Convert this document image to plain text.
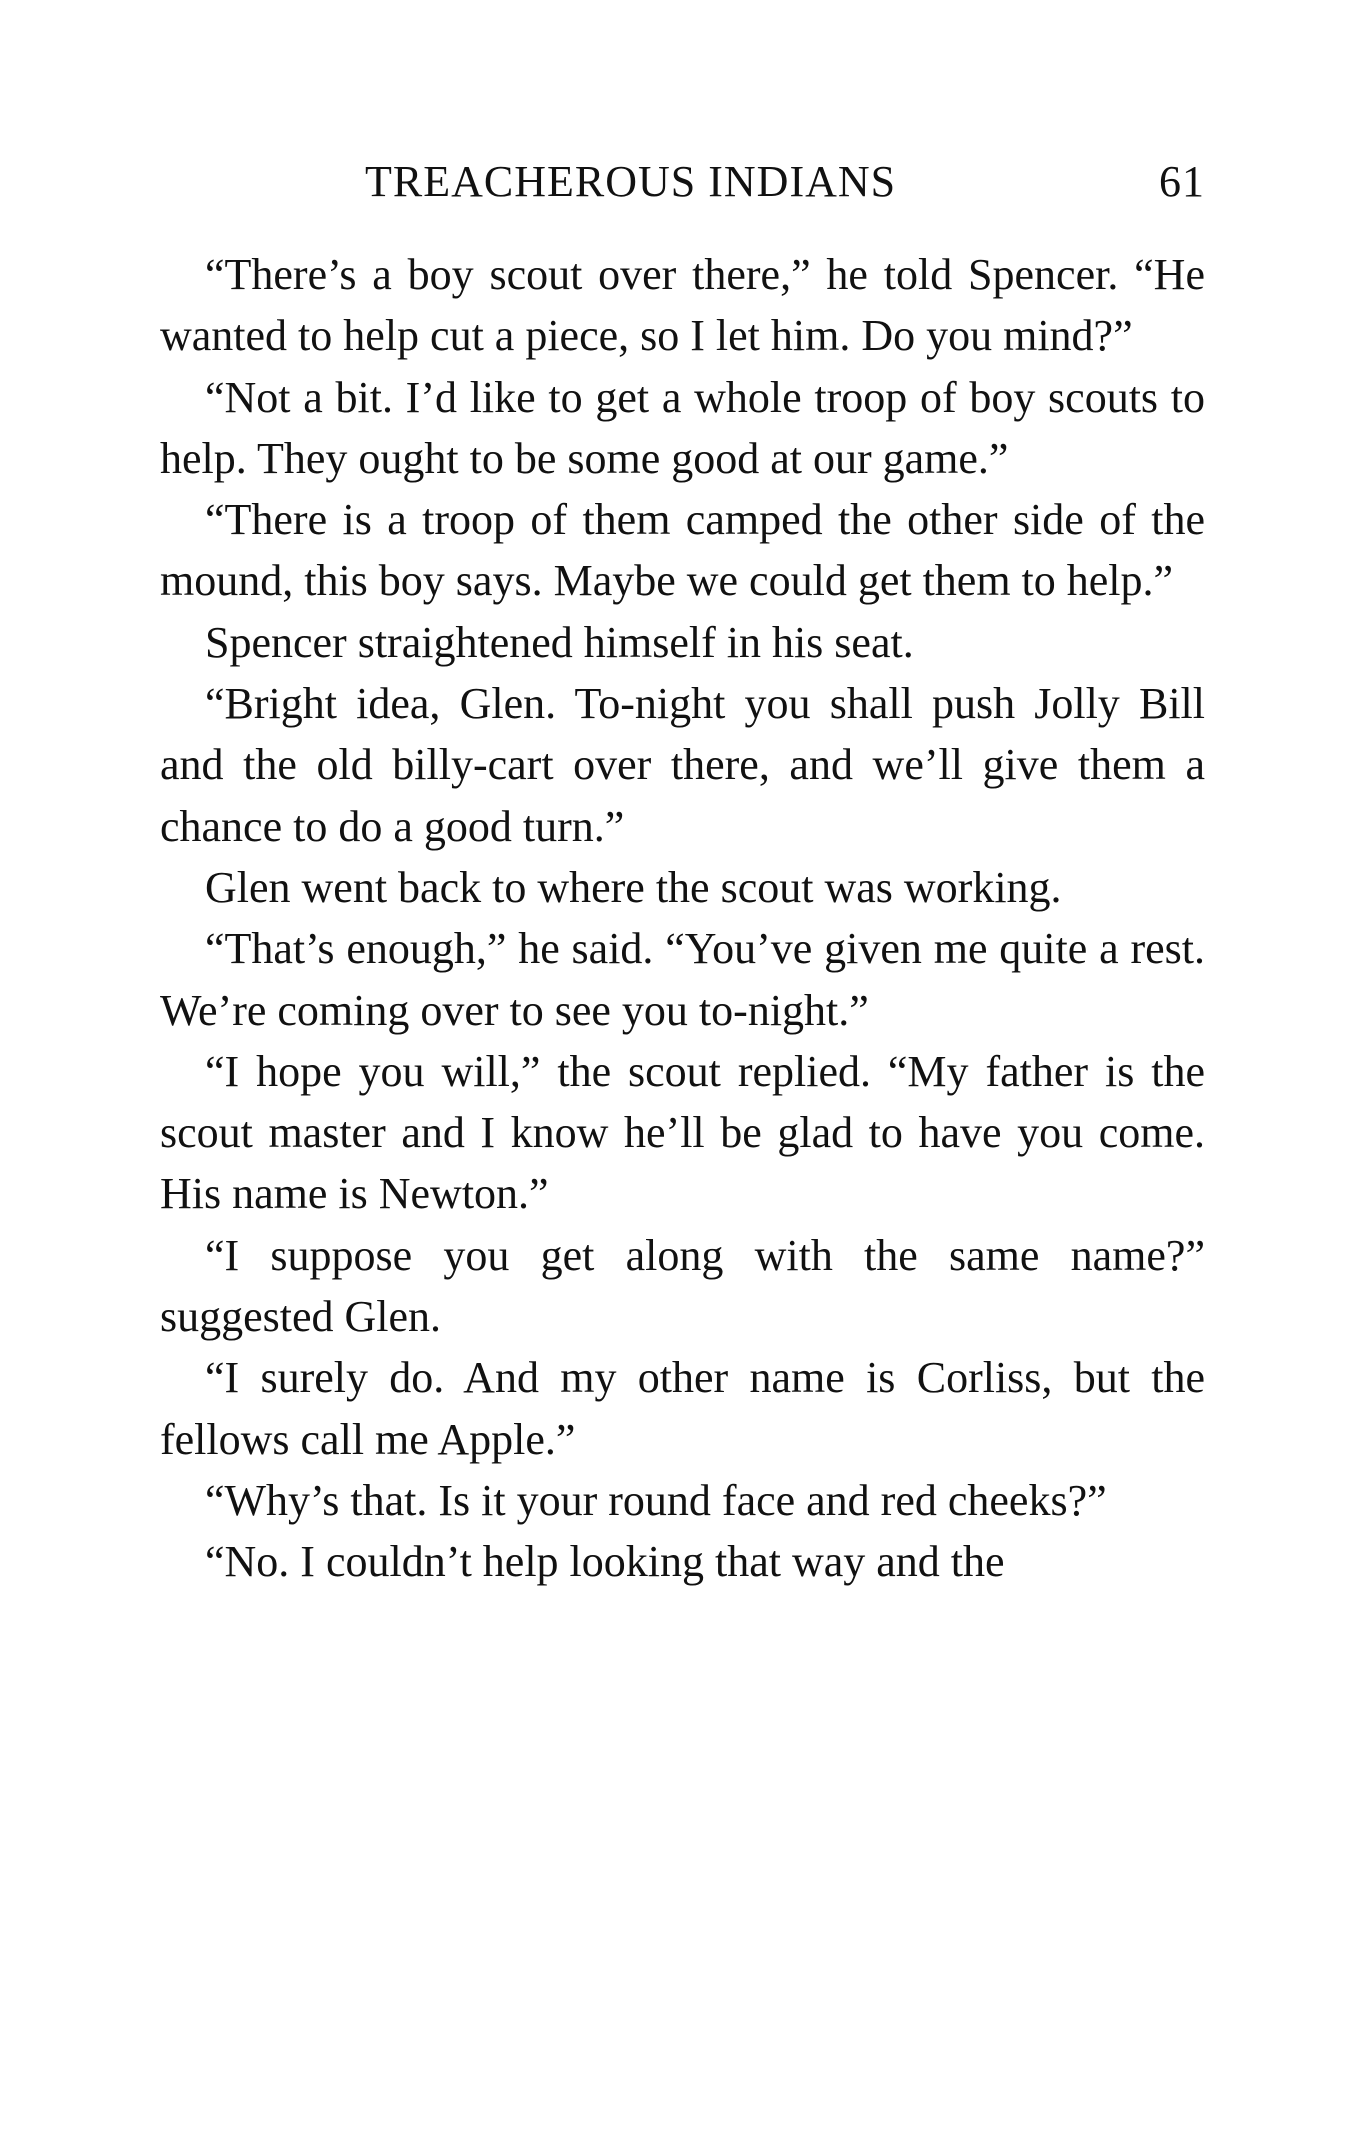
TREACHEROUS INDIANS	61

“There’s a boy scout over there,” he told Spencer. “He wanted to help cut a piece, so I let him. Do you mind?”

“Not a bit. I’d like to get a whole troop of boy scouts to help. They ought to be some good at our game.”

“There is a troop of them camped the other side of the mound, this boy says. Maybe we could get them to help.”

Spencer straightened himself in his seat.

“Bright idea, Glen. To-night you shall push Jolly Bill and the old billy-cart over there, and we’ll give them a chance to do a good turn.”

Glen went back to where the scout was working.

“That’s enough,” he said. “You’ve given me quite a rest. We’re coming over to see you to-night.”

“I hope you will,” the scout replied. “My father is the scout master and I know he’ll be glad to have you come. His name is Newton.”

“I suppose you get along with the same name?” suggested Glen.

“I surely do. And my other name is Corliss, but the fellows call me Apple.”

“Why’s that. Is it your round face and red cheeks?”

“No. I couldn’t help looking that way and the
